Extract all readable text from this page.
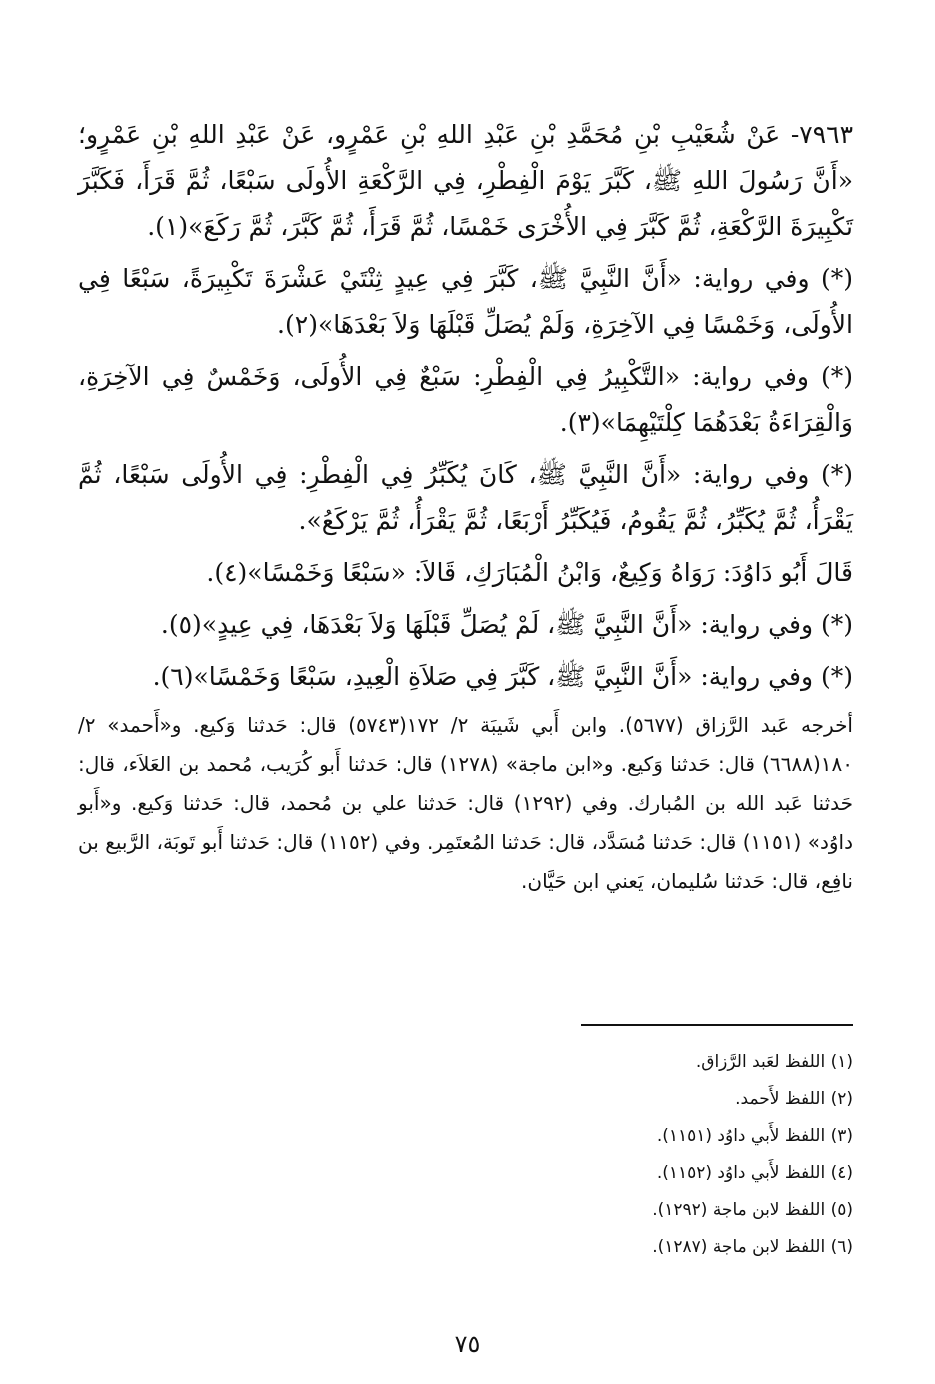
٧٩٦٣- عَنْ شُعَيْبِ بْنِ مُحَمَّدِ بْنِ عَبْدِ اللهِ بْنِ عَمْرٍو، عَنْ عَبْدِ اللهِ بْنِ عَمْرٍو؛ «أَنَّ رَسُولَ اللهِ ﷺ، كَبَّرَ يَوْمَ الْفِطْرِ، فِي الرَّكْعَةِ الأُولَى سَبْعًا، ثُمَّ قَرَأَ، فَكَبَّرَ تَكْبِيرَةَ الرَّكْعَةِ، ثُمَّ كَبَّرَ فِي الأُخْرَى خَمْسًا، ثُمَّ قَرَأَ، ثُمَّ كَبَّرَ، ثُمَّ رَكَعَ»(١).

(*) وفي رواية: «أَنَّ النَّبِيَّ ﷺ، كَبَّرَ فِي عِيدٍ ثِنْتَيْ عَشْرَةَ تَكْبِيرَةً، سَبْعًا فِي الأُولَى، وَخَمْسًا فِي الآخِرَةِ، وَلَمْ يُصَلِّ قَبْلَهَا وَلاَ بَعْدَهَا»(٢).

(*) وفي رواية: «التَّكْبِيرُ فِي الْفِطْرِ: سَبْعٌ فِي الأُولَى، وَخَمْسٌ فِي الآخِرَةِ، وَالْقِرَاءَةُ بَعْدَهُمَا كِلْتَيْهِمَا»(٣).

(*) وفي رواية: «أَنَّ النَّبِيَّ ﷺ، كَانَ يُكَبِّرُ فِي الْفِطْرِ: فِي الأُولَى سَبْعًا، ثُمَّ يَقْرَأُ، ثُمَّ يُكَبِّرُ، ثُمَّ يَقُومُ، فَيُكَبِّرُ أَرْبَعًا، ثُمَّ يَقْرَأُ، ثُمَّ يَرْكَعُ».

قَالَ أَبُو دَاوُدَ: رَوَاهُ وَكِيعٌ، وَابْنُ الْمُبَارَكِ، قَالاَ: «سَبْعًا وَخَمْسًا»(٤).

(*) وفي رواية: «أَنَّ النَّبِيَّ ﷺ، لَمْ يُصَلِّ قَبْلَهَا وَلاَ بَعْدَهَا، فِي عِيدٍ»(٥).

(*) وفي رواية: «أَنَّ النَّبِيَّ ﷺ، كَبَّرَ فِي صَلاَةِ الْعِيدِ، سَبْعًا وَخَمْسًا»(٦).

أخرجه عَبد الرَّزاق (٥٦٧٧). وابن أَبي شَيبَة ٢/ ١٧٢(٥٧٤٣) قال: حَدثنا وَكيع. و«أَحمد» ٢/ ١٨٠(٦٦٨٨) قال: حَدثنا وَكيع. و«ابن ماجة» (١٢٧٨) قال: حَدثنا أَبو كُرَيب، مُحمد بن العَلاَء، قال: حَدثنا عَبد الله بن المُبارك. وفي (١٢٩٢) قال: حَدثنا علي بن مُحمد، قال: حَدثنا وَكيع. و«أَبو داوُد» (١١٥١) قال: حَدثنا مُسَدَّد، قال: حَدثنا المُعتَمِر. وفي (١١٥٢) قال: حَدثنا أَبو تَوبَة، الرَّبيع بن نافِع، قال: حَدثنا سُليمان، يَعني ابن حَيَّان.

(١) اللفظ لعَبد الرَّزاق.
(٢) اللفظ لأَحمد.
(٣) اللفظ لأَبي داوُد (١١٥١).
(٤) اللفظ لأَبي داوُد (١١٥٢).
(٥) اللفظ لابن ماجة (١٢٩٢).
(٦) اللفظ لابن ماجة (١٢٨٧).
٧٥
